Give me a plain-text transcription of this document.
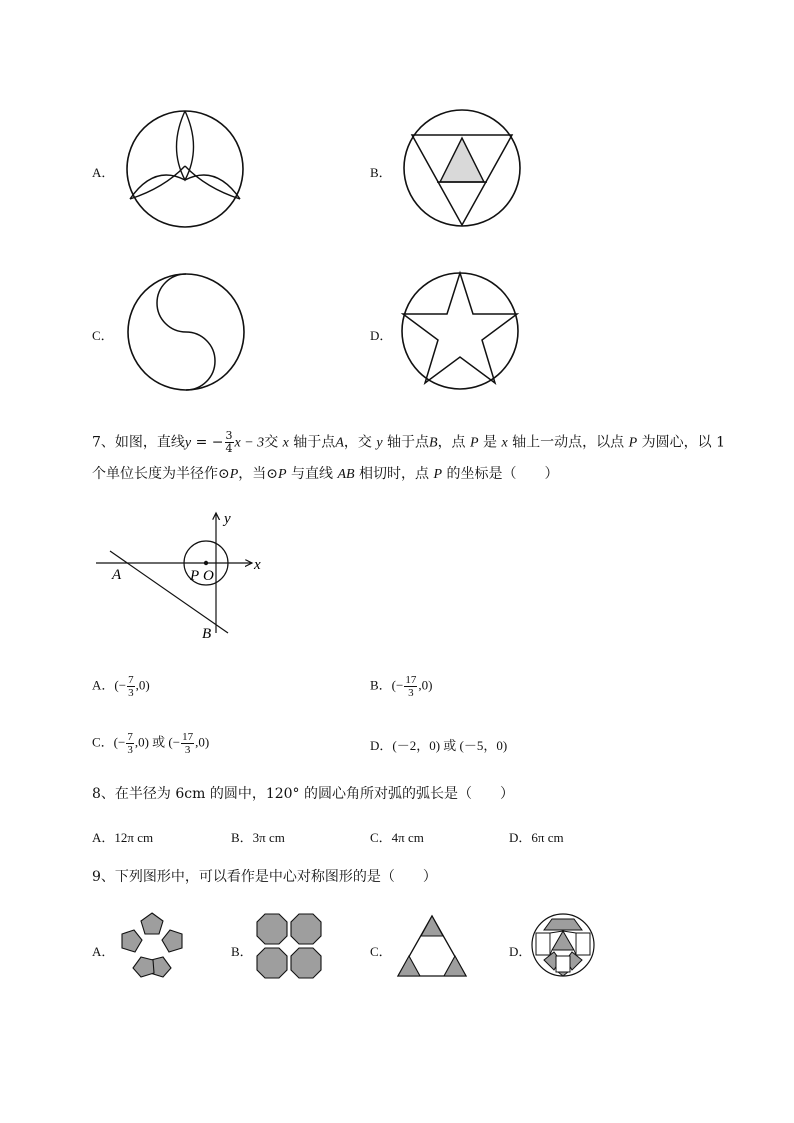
A．	B．
C．	D．
7、如图，直线y = − $\frac{3}{4}$ x − 3交 x 轴于点A，交 y 轴于点B，点 P 是 x 轴上一动点，以点 P 为圆心，以 1
个单位长度为半径作⊙P，当⊙P 与直线 AB 相切时，点 P 的坐标是（　　）
y
x
A	P O
B
A．(− $\frac{7}{3} ,0$)	B．(− $\frac{17}{3} ,0$)
C．(− $\frac{7}{3} ,0$) 或 (− $\frac{17}{3} ,0$)	D．(－2，0) 或 (－5，0)
8、在半径为 6cm 的圆中，120° 的圆心角所对弧的弧长是（　　）
A．12π cm	B．3π cm	C．4π cm	D．6π cm
9、下列图形中，可以看作是中心对称图形的是（　　）
A．	B．	C．	D．
